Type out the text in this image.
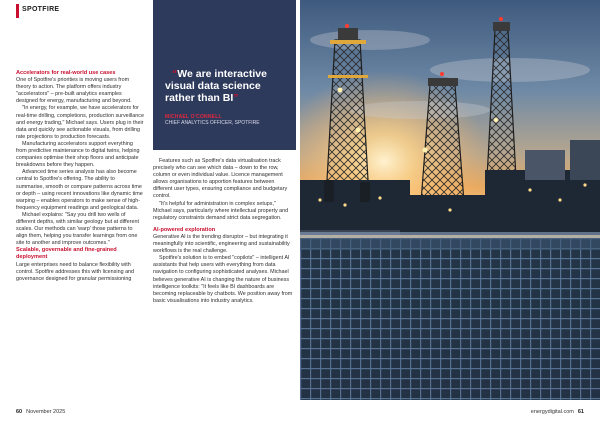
SPOTFIRE
Accelerators for real-world use cases

One of Spotfire's priorities is moving users from theory to action. The platform offers industry "accelerators" – pre-built analytics examples designed for energy, manufacturing and beyond.

"In energy, for example, we have accelerators for real-time drilling, completions, production surveillance and energy trading," Michael says. Users plug in their data and quickly see actionable visuals, from drilling rate projections to production forecasts.

Manufacturing accelerators support everything from predictive maintenance to digital twins, helping companies optimise their shop floors and anticipate breakdowns before they happen.

Advanced time series analysis has also become central to Spotfire's offering. The ability to summarise, smooth or compare patterns across time or depth – using recent innovations like dynamic time warping – enables operators to make sense of high-frequency equipment readings and geological data.

Michael explains: "Say you drill two wells of different depths, with similar geology but at different scales. Our methods can 'warp' those patterns to align them, helping you transfer learnings from one site to another and improve outcomes."

Scalable, governable and fine-grained deployment

Large enterprises need to balance flexibility with control. Spotfire addresses this with licensing and governance designed for granular permissioning

“We are interactive visual data science rather than BI”
MICHAEL O'CONNELL
CHIEF ANALYTICS OFFICER, SPOTFIRE

Features such as Spotfire's data virtualisation track precisely who can see which data – down to the row, column or even individual value. Licence management allows organisations to apportion features between different user types, ensuring compliance and budgetary control.

"It's helpful for administration in complex setups," Michael says, particularly where intellectual property and regulatory constraints demand strict data segregation.

AI-powered exploration

Generative AI is the trending disruptor – but integrating it meaningfully into scientific, engineering and sustainability workflows is the real challenge.

Spotfire's solution is to embed "copilots" – intelligent AI assistants that help users with everything from data navigation to configuring sophisticated analyses. Michael believes generative AI is changing the nature of business intelligence toolkits: "It feels like BI dashboards are becoming replaceable by chatbots. We position away from basic visualisations into industry analytics.

60 November 2025	energydigital.com 61
